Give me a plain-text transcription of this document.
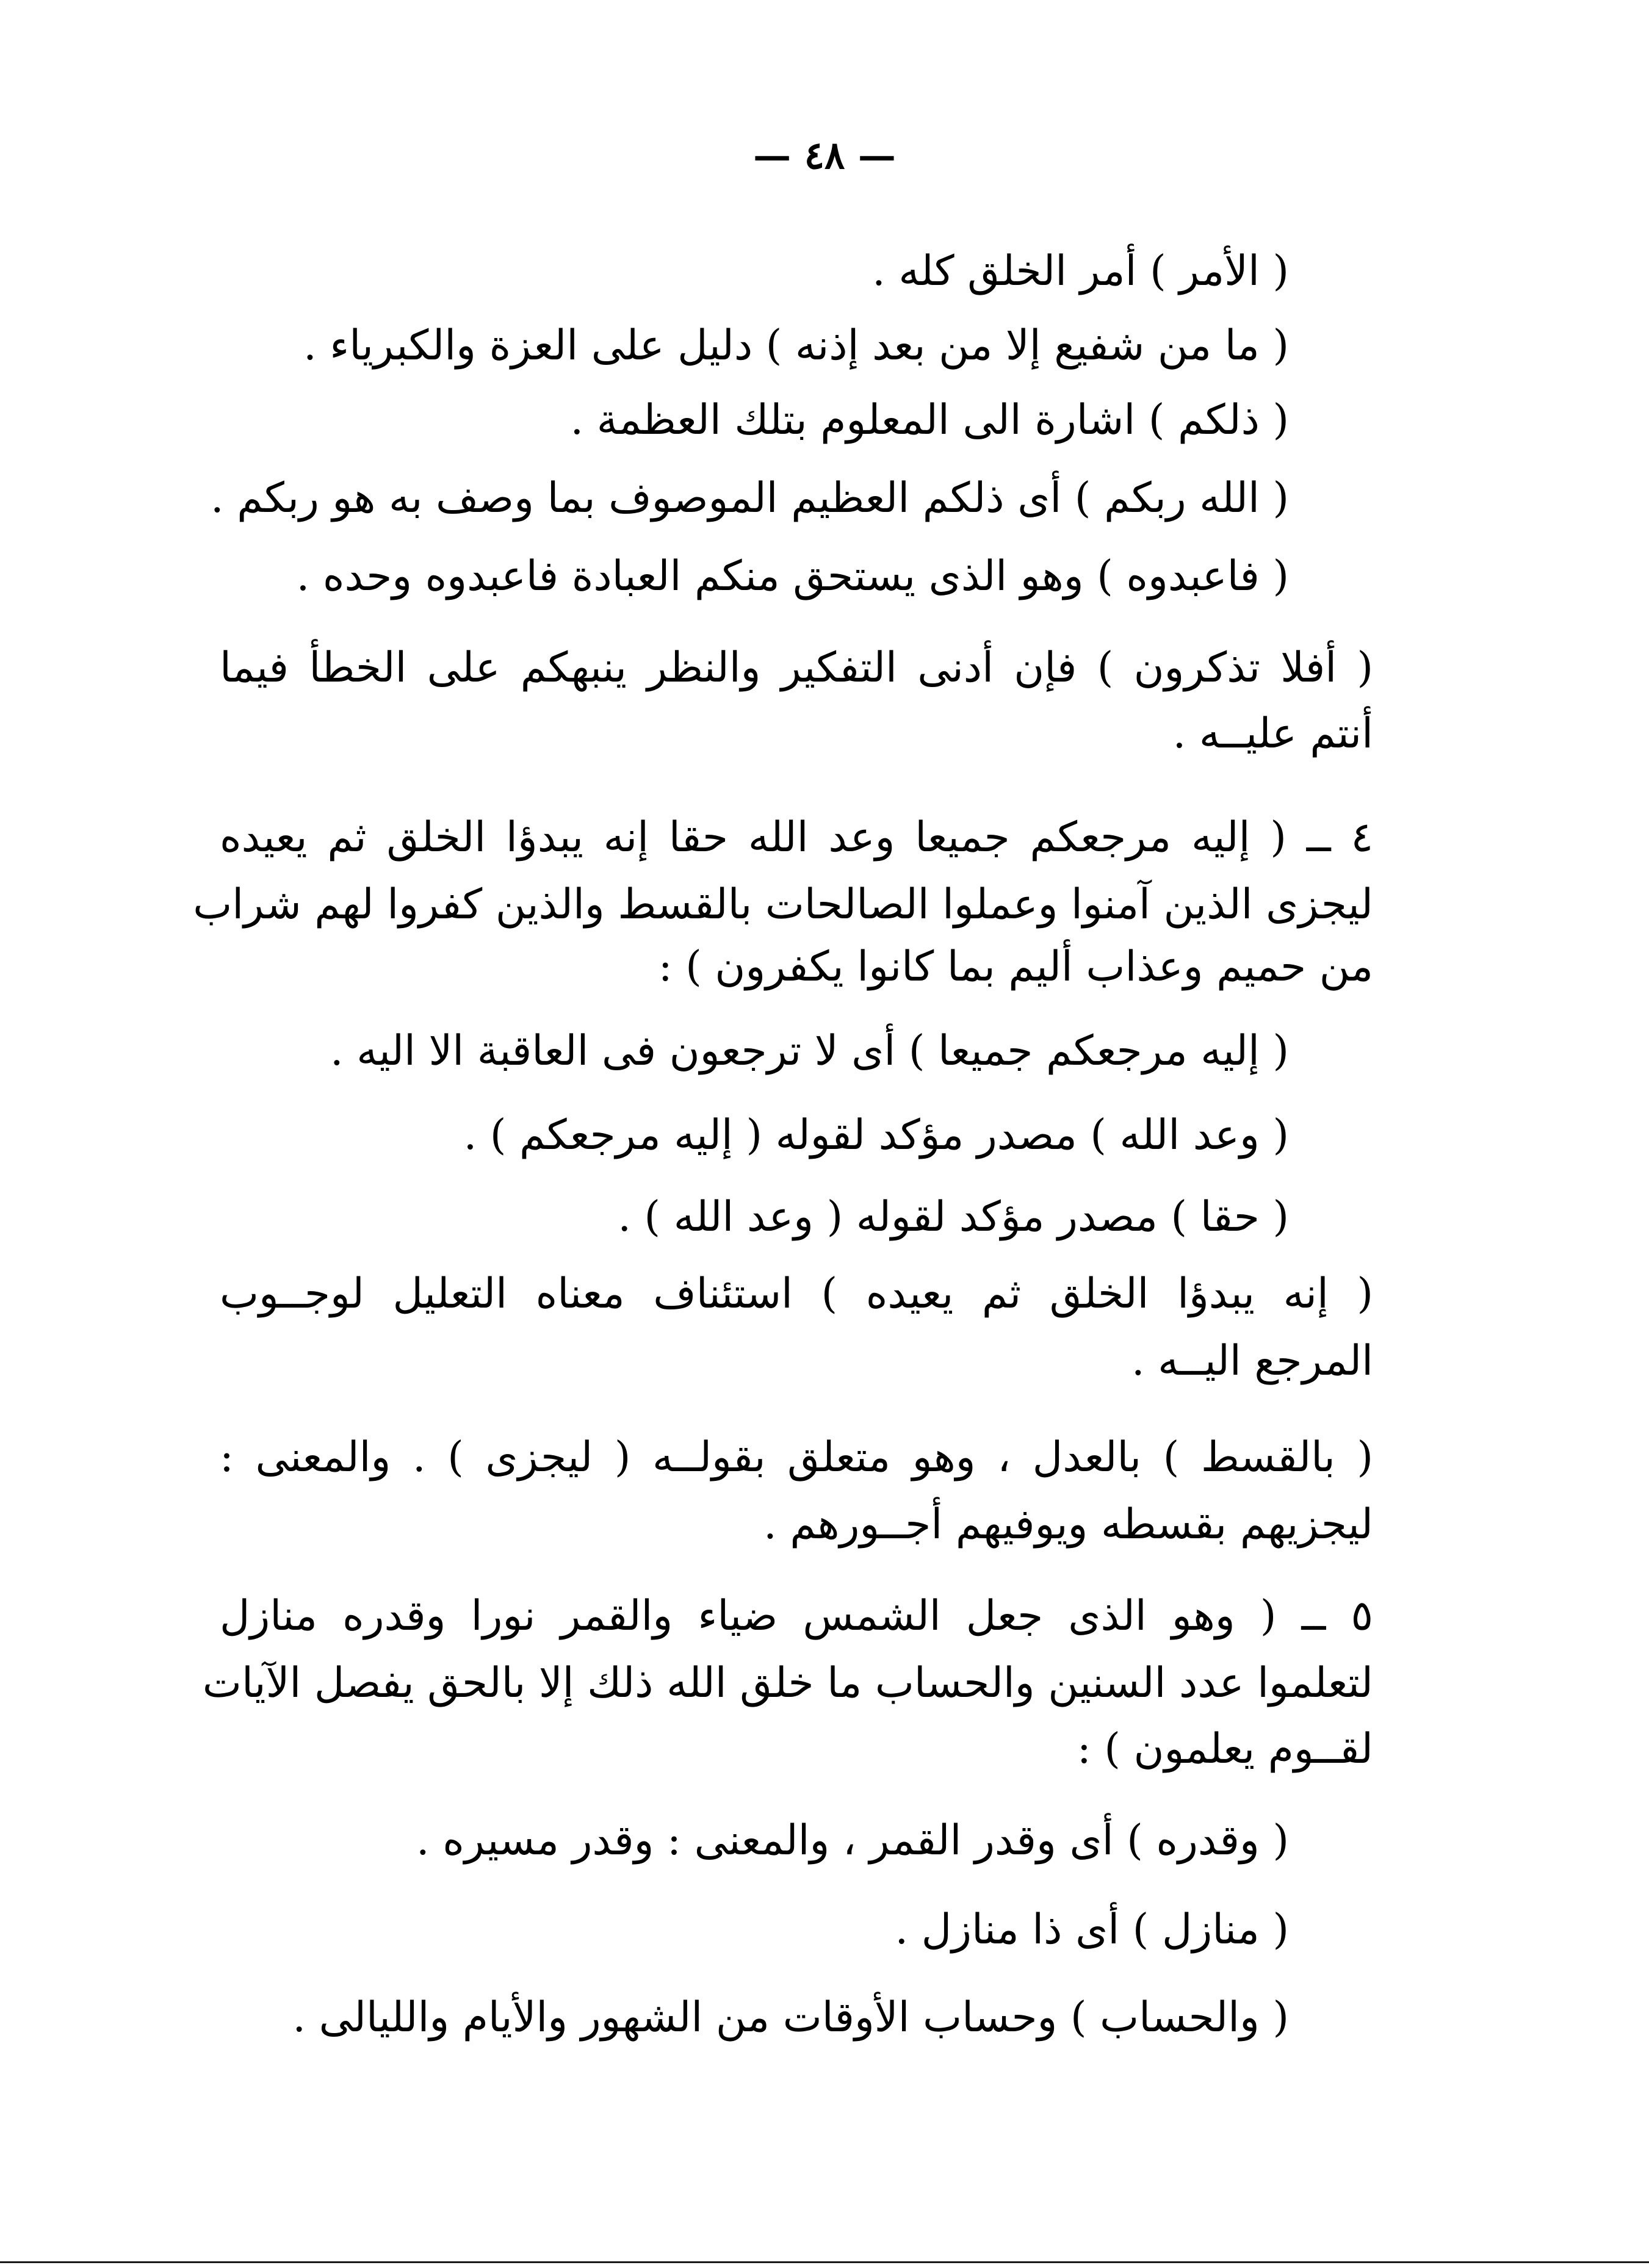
— ٤٨ —
( الأمر ) أمر الخلق كله .
( ما من شفيع إلا من بعد إذنه ) دليل على العزة والكبرياء .
( ذلكم ) اشارة الى المعلوم بتلك العظمة .
( الله ربكم ) أى ذلكم العظيم الموصوف بما وصف به هو ربكم .
( فاعبدوه ) وهو الذى يستحق منكم العبادة فاعبدوه وحده .
( أفلا تذكرون ) فإن أدنى التفكير والنظر ينبهكم على الخطأ فيما
أنتم عليــه .
٤ ــ ( إليه مرجعكم جميعا وعد الله حقا إنه يبدؤا الخلق ثم يعيده
ليجزى الذين آمنوا وعملوا الصالحات بالقسط والذين كفروا لهم شراب
من حميم وعذاب أليم بما كانوا يكفرون ) :
( إليه مرجعكم جميعا ) أى لا ترجعون فى العاقبة الا اليه .
( وعد الله ) مصدر مؤكد لقوله ( إليه مرجعكم ) .
( حقا ) مصدر مؤكد لقوله ( وعد الله ) .
( إنه يبدؤا الخلق ثم يعيده ) استئناف معناه التعليل لوجــوب
المرجع اليــه .
( بالقسط ) بالعدل ، وهو متعلق بقولــه ( ليجزى ) . والمعنى :
ليجزيهم بقسطه ويوفيهم أجــورهم .
٥ ــ ( وهو الذى جعل الشمس ضياء والقمر نورا وقدره منازل
لتعلموا عدد السنين والحساب ما خلق الله ذلك إلا بالحق يفصل الآيات
لقــوم يعلمون ) :
( وقدره ) أى وقدر القمر ، والمعنى : وقدر مسيره .
( منازل ) أى ذا منازل .
( والحساب ) وحساب الأوقات من الشهور والأيام والليالى .
